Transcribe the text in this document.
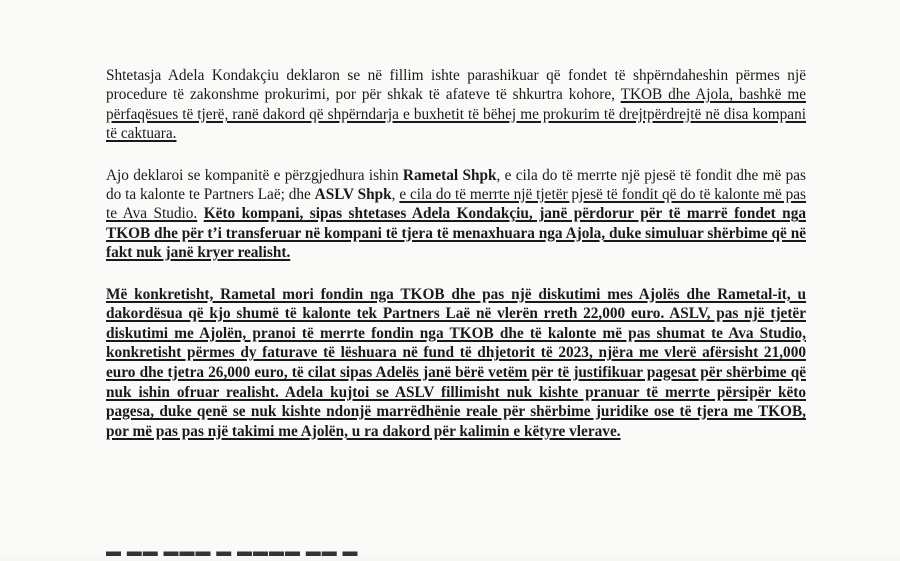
Shtetasja Adela Kondakçiu deklaron se në fillim ishte parashikuar që fondet të shpërndaheshin përmes një procedure të zakonshme prokurimi, por për shkak të afateve të shkurtra kohore, TKOB dhe Ajola, bashkë me përfaqësues të tjerë, ranë dakord që shpërndarja e buxhetit të bëhej me prokurim të drejtpërdrejtë në disa kompani të caktuara.

Ajo deklaroi se kompanitë e përzgjedhura ishin Rametal Shpk, e cila do të merrte një pjesë të fondit dhe më pas do ta kalonte te Partners Laë; dhe ASLV Shpk, e cila do të merrte një tjetër pjesë të fondit që do të kalonte më pas te Ava Studio. Këto kompani, sipas shtetases Adela Kondakçiu, janë përdorur për të marrë fondet nga TKOB dhe për t’i transferuar në kompani të tjera të menaxhuara nga Ajola, duke simuluar shërbime që në fakt nuk janë kryer realisht.

Më konkretisht, Rametal mori fondin nga TKOB dhe pas një diskutimi mes Ajolës dhe Rametal-it, u dakordësua që kjo shumë të kalonte tek Partners Laë në vlerën rreth 22,000 euro. ASLV, pas një tjetër diskutimi me Ajolën, pranoi të merrte fondin nga TKOB dhe të kalonte më pas shumat te Ava Studio, konkretisht përmes dy faturave të lëshuara në fund të dhjetorit të 2023, njëra me vlerë afërsisht 21,000 euro dhe tjetra 26,000 euro, të cilat sipas Adelës janë bërë vetëm për të justifikuar pagesat për shërbime që nuk ishin ofruar realisht. Adela kujtoi se ASLV fillimisht nuk kishte pranuar të merrte përsipër këto pagesa, duke qenë se nuk kishte ndonjë marrëdhënie reale për shërbime juridike ose të tjera me TKOB, por më pas pas një takimi me Ajolën, u ra dakord për kalimin e këtyre vlerave.

▬ ▬▬ ▬▬▬ ▬ ▬▬▬▬ ▬▬ ▬
